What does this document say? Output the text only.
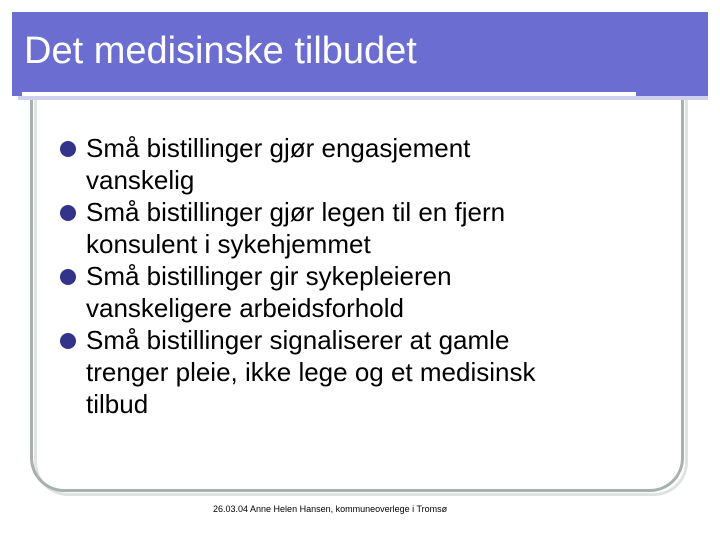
Det medisinske tilbudet
Små bistillinger gjør engasjement
vanskelig
Små bistillinger gjør legen til en fjern
konsulent i sykehjemmet
Små bistillinger gir sykepleieren
vanskeligere arbeidsforhold
Små bistillinger signaliserer at gamle
trenger pleie, ikke lege og et medisinsk
tilbud

26.03.04 Anne Helen Hansen, kommuneoverlege i Tromsø
